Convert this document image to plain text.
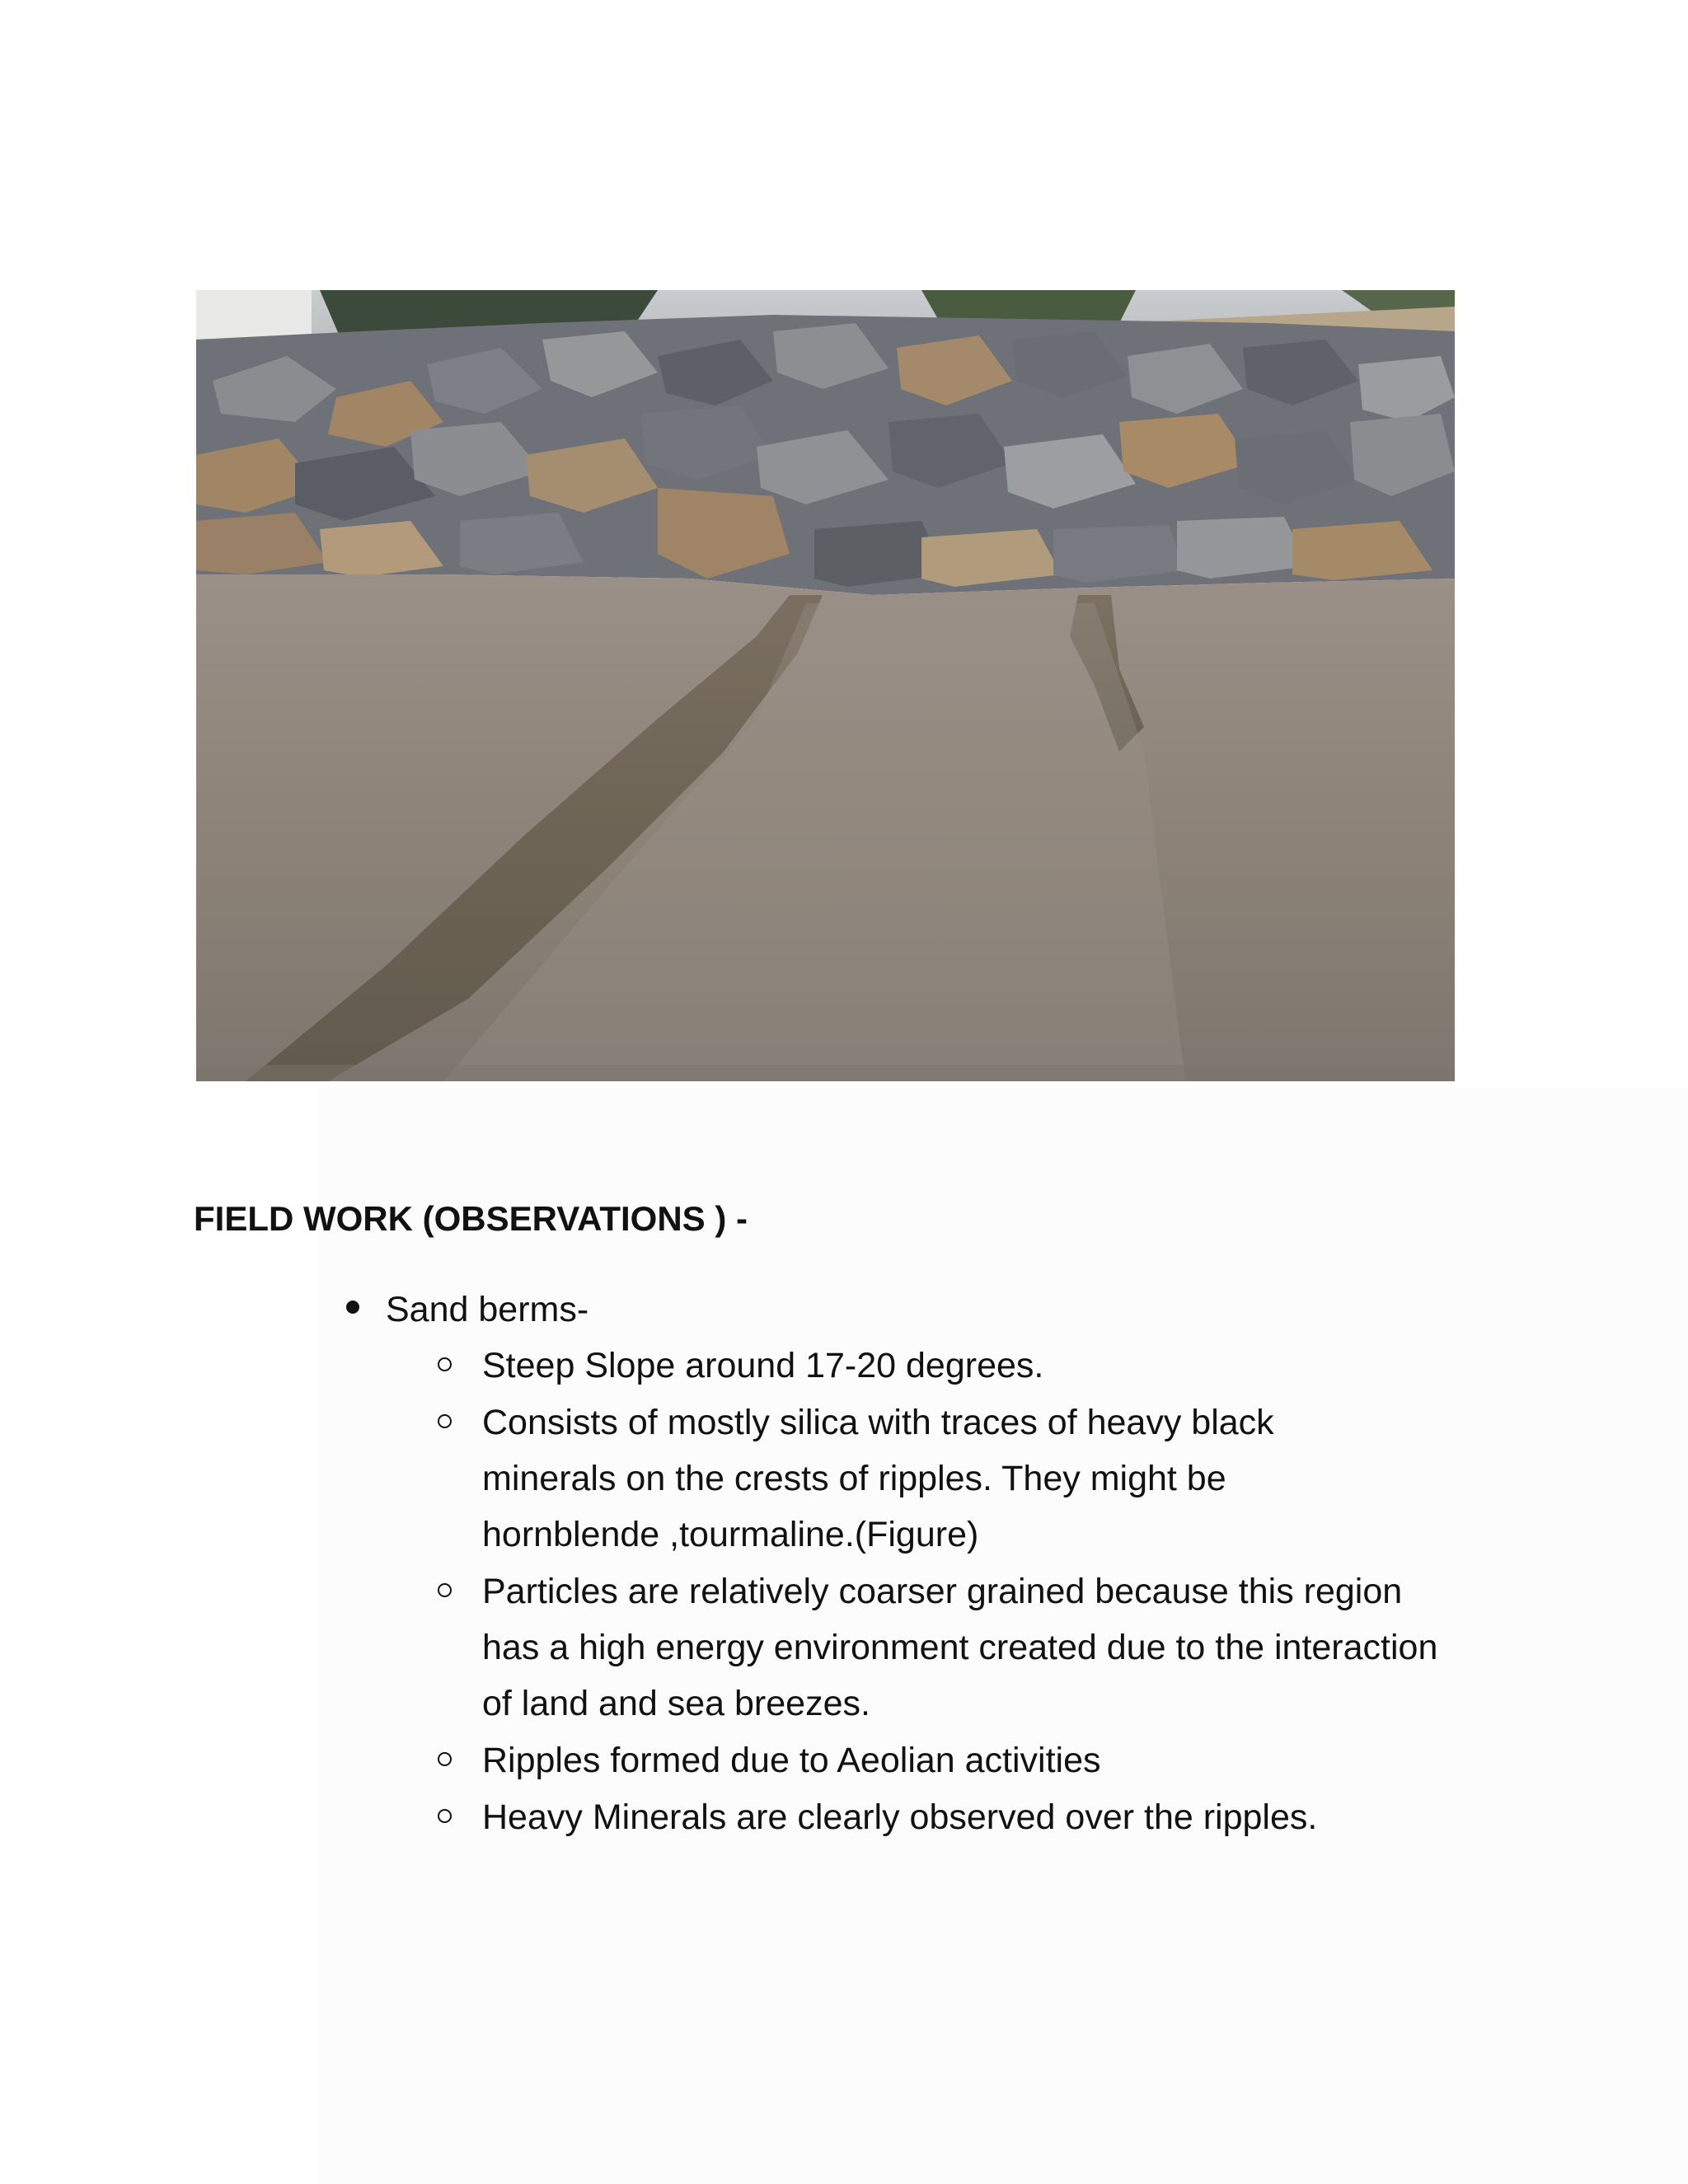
FIELD WORK (OBSERVATIONS ) -
Sand berms-
Steep Slope around 17-20 degrees.
Consists of mostly silica with traces of heavy black minerals on the crests of ripples. They might be hornblende ,tourmaline.(Figure)
Particles are relatively coarser grained because this region has a high energy environment created due to the interaction of land and sea breezes.
Ripples formed due to Aeolian activities
Heavy Minerals are clearly observed over the ripples.
